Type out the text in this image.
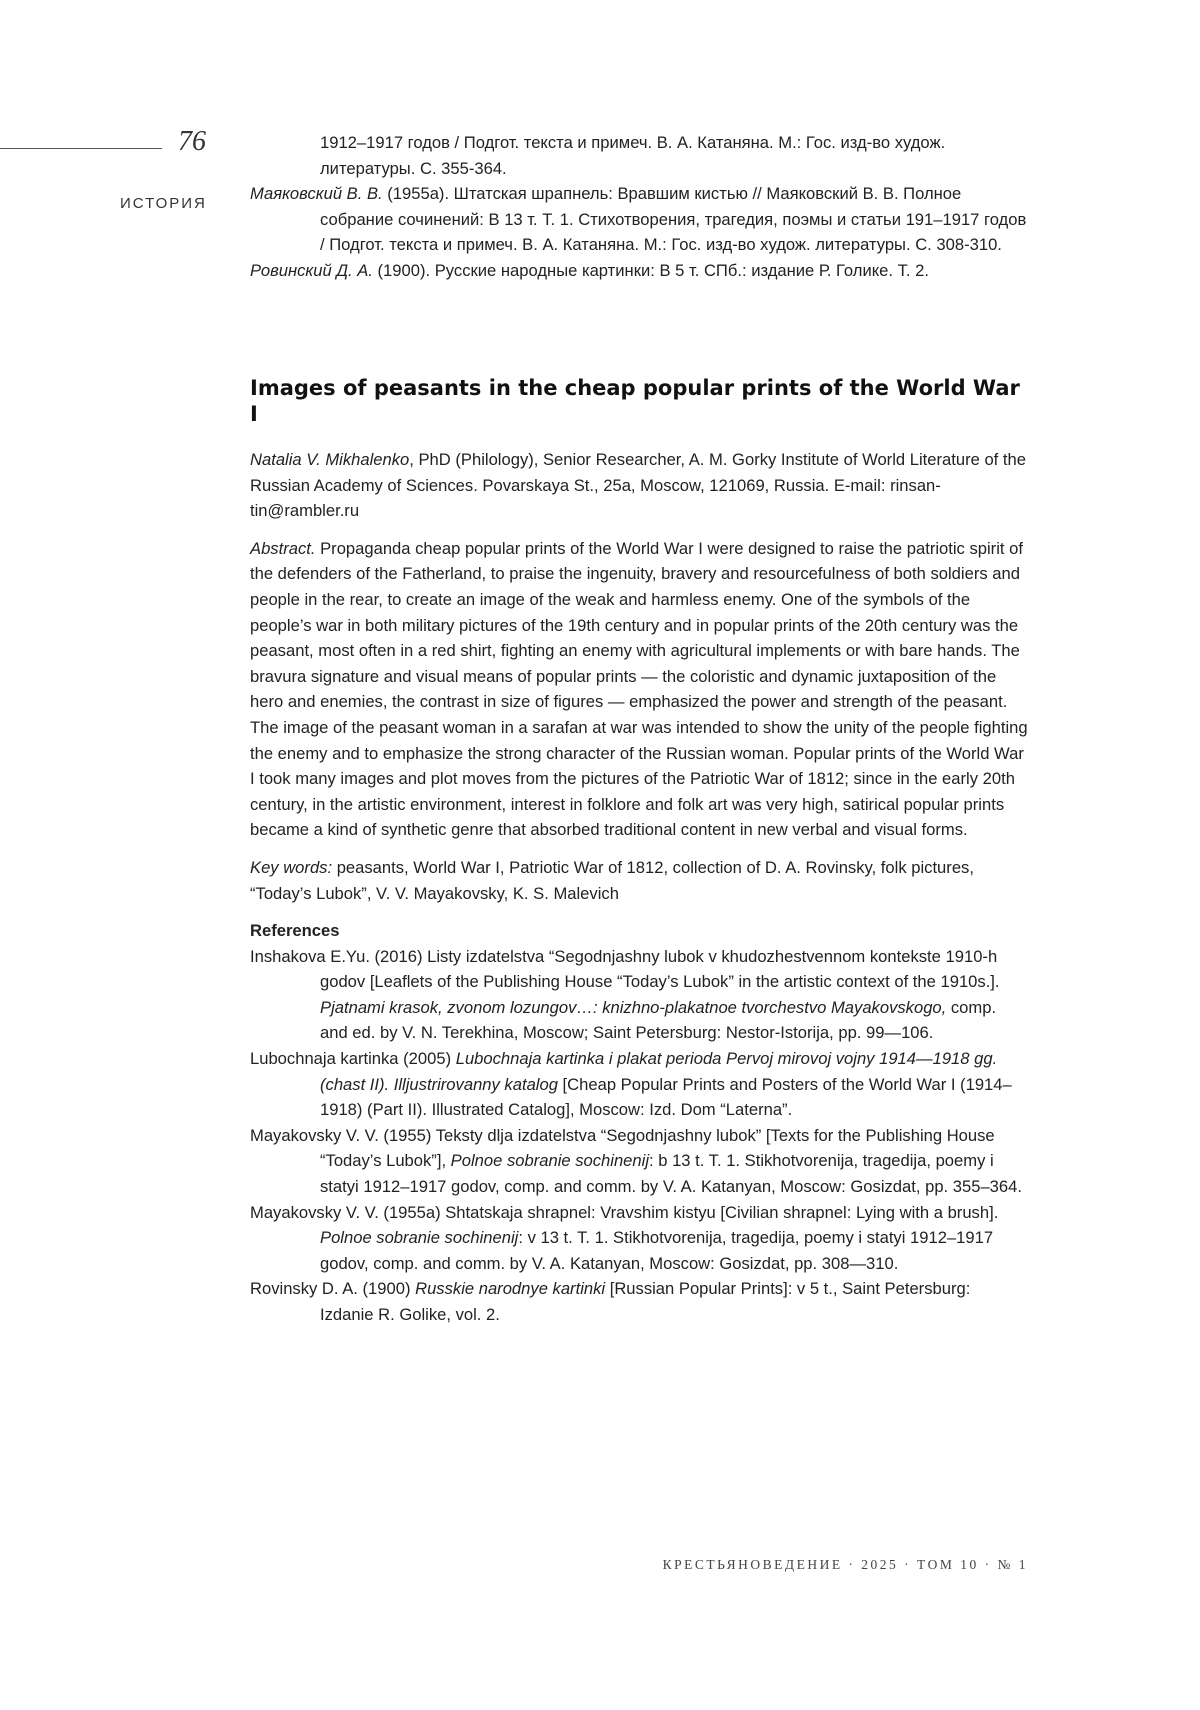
76
ИСТОРИЯ

1912–1917 годов / Подгот. текста и примеч. В. А. Катаняна. М.: Гос. изд-во худож. литературы. С. 355-364.

Маяковский В. В. (1955a). Штатская шрапнель: Вравшим кистью // Маяковский В. В. Полное собрание сочинений: В 13 т. Т. 1. Стихотворения, трагедия, поэмы и статьи 191–1917 годов / Подгот. текста и примеч. В. А. Катаняна. М.: Гос. изд-во худож. литературы. С. 308-310.

Ровинский Д. А. (1900). Русские народные картинки: В 5 т. СПб.: издание Р. Голике. Т. 2.

Images of peasants in the cheap popular prints of the World War I

Natalia V. Mikhalenko, PhD (Philology), Senior Researcher, A. M. Gorky Institute of World Literature of the Russian Academy of Sciences. Povarskaya St., 25a, Moscow, 121069, Russia. E-mail: rinsan-tin@rambler.ru

Abstract. Propaganda cheap popular prints of the World War I were designed to raise the patriotic spirit of the defenders of the Fatherland, to praise the ingenuity, bravery and resourcefulness of both soldiers and people in the rear, to create an image of the weak and harmless enemy. One of the symbols of the people’s war in both military pictures of the 19th century and in popular prints of the 20th century was the peasant, most often in a red shirt, fighting an enemy with agricultural implements or with bare hands. The bravura signature and visual means of popular prints — the coloristic and dynamic juxtaposition of the hero and enemies, the contrast in size of figures — emphasized the power and strength of the peasant. The image of the peasant woman in a sarafan at war was intended to show the unity of the people fighting the enemy and to emphasize the strong character of the Russian woman. Popular prints of the World War I took many images and plot moves from the pictures of the Patriotic War of 1812; since in the early 20th century, in the artistic environment, interest in folklore and folk art was very high, satirical popular prints became a kind of synthetic genre that absorbed traditional content in new verbal and visual forms.

Key words: peasants, World War I, Patriotic War of 1812, collection of D. A. Rovinsky, folk pictures, “Today’s Lubok”, V. V. Mayakovsky, K. S. Malevich

References

Inshakova E.Yu. (2016) Listy izdatelstva “Segodnjashny lubok v khudozhestvennom kontekste 1910-h godov [Leaflets of the Publishing House “Today’s Lubok” in the artistic context of the 1910s.]. Pjatnami krasok, zvonom lozungov…: knizhno-plakatnoe tvorchestvo Mayakovskogo, comp. and ed. by V. N. Terekhina, Moscow; Saint Petersburg: Nestor-Istorija, pp. 99—106.

Lubochnaja kartinka (2005) Lubochnaja kartinka i plakat perioda Pervoj mirovoj vojny 1914—1918 gg. (chast II). Illjustrirovanny katalog [Cheap Popular Prints and Posters of the World War I (1914–1918) (Part II). Illustrated Catalog], Moscow: Izd. Dom “Laterna”.

Mayakovsky V. V. (1955) Teksty dlja izdatelstva “Segodnjashny lubok” [Texts for the Publishing House “Today’s Lubok”], Polnoe sobranie sochinenij: b 13 t. T. 1. Stikhotvorenija, tragedija, poemy i statyi 1912–1917 godov, comp. and comm. by V. A. Katanyan, Moscow: Gosizdat, pp. 355–364.

Mayakovsky V. V. (1955a) Shtatskaja shrapnel: Vravshim kistyu [Civilian shrapnel: Lying with a brush]. Polnoe sobranie sochinenij: v 13 t. T. 1. Stikhotvorenija, tragedija, poemy i statyi 1912–1917 godov, comp. and comm. by V. A. Katanyan, Moscow: Gosizdat, pp. 308—310.

Rovinsky D. A. (1900) Russkie narodnye kartinki [Russian Popular Prints]: v 5 t., Saint Petersburg: Izdanie R. Golike, vol. 2.

КРЕСТЬЯНОВЕДЕНИЕ · 2025 · ТОМ 10 · № 1
